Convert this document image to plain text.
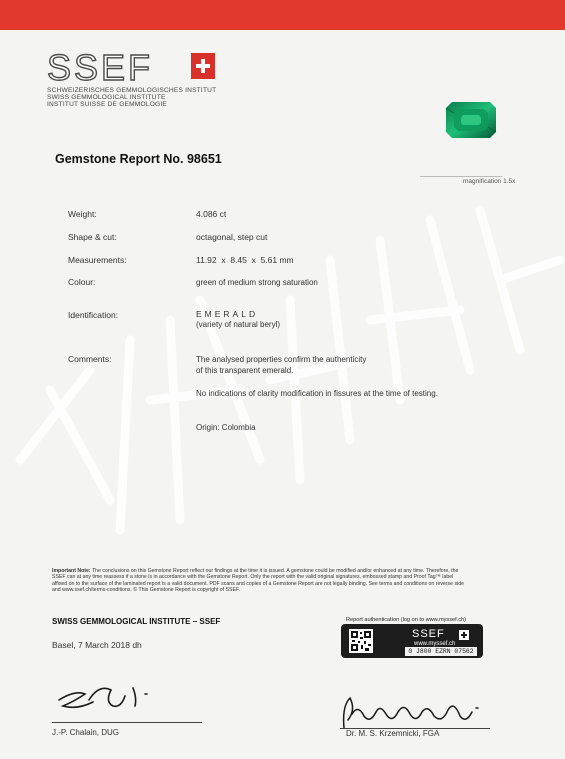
SSEF
SCHWEIZERISCHES GEMMOLOGISCHES INSTITUT
SWISS GEMMOLOGICAL INSTITUTE
INSTITUT SUISSE DE GEMMOLOGIE
magnification 1.5x
Gemstone Report No. 98651
Weight:	4.086 ct
Shape & cut:	octagonal, step cut
Measurements:	11.92  x  8.45  x  5.61 mm
Colour:	green of medium strong saturation
Identification:	EMERALD
(variety of natural beryl)
Comments:	The analysed properties confirm the authenticity
of this transparent emerald.
No indications of clarity modification in fissures at the time of testing.
Origin: Colombia
Important Note: The conclusions on this Gemstone Report reflect our findings at the time it is issued. A gemstone could be modified and/or enhanced at any time. Therefore, the
SSEF can at any time reassess if a stone is in accordance with the Gemstone Report. Only the report with the valid original signatures, embossed stamp and Proof Tag™ label
affixed on to the surface of the laminated report is a valid document. PDF scans and copies of a Gemstone Report are not legally binding. See terms and conditions on reverse side
and www.ssef.ch/terms-conditions. © This Gemstone Report is copyright of SSEF.
SWISS GEMMOLOGICAL INSTITUTE – SSEF
Basel, 7 March 2018 dh
Report authentication (log on to www.myssef.ch)
SSEF
www.myssef.ch
0 J800 EZRN 07562
J.-P. Chalain, DUG	Dr. M. S. Krzemnicki, FGA
